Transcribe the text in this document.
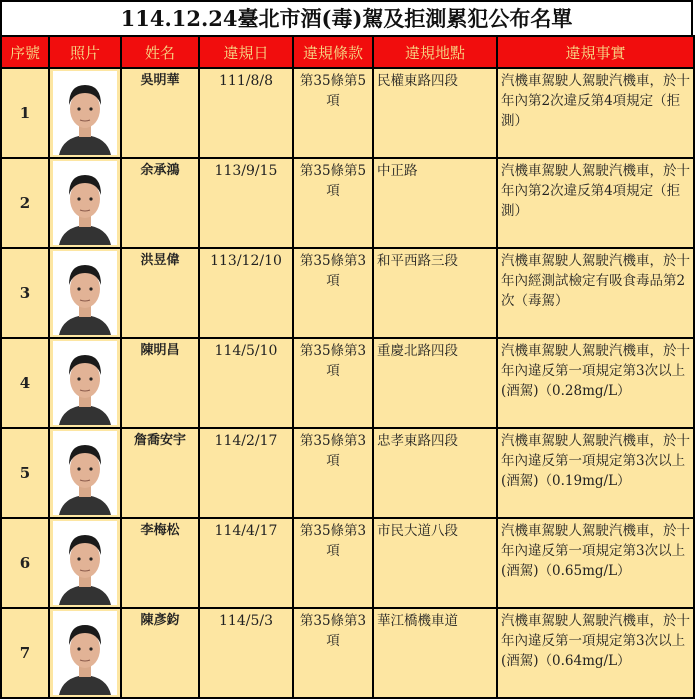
114.12.24臺北市酒(毒)駕及拒測累犯公布名單
序號	照片	姓名	違規日	違規條款	違規地點	違規事實
1		吳明華	111/8/8	第35條第5項	民權東路四段	汽機車駕駛人駕駛汽機車，於十年內第2次違反第4項規定（拒測）
2		余承鴻	113/9/15	第35條第5項	中正路	汽機車駕駛人駕駛汽機車，於十年內第2次違反第4項規定（拒測）
3		洪昱偉	113/12/10	第35條第3項	和平西路三段	汽機車駕駛人駕駛汽機車，於十年內經測試檢定有吸食毒品第2次（毒駕）
4		陳明昌	114/5/10	第35條第3項	重慶北路四段	汽機車駕駛人駕駛汽機車，於十年內違反第一項規定第3次以上(酒駕)（0.28mg/L）
5		詹喬安宇	114/2/17	第35條第3項	忠孝東路四段	汽機車駕駛人駕駛汽機車，於十年內違反第一項規定第3次以上(酒駕)（0.19mg/L）
6		李梅松	114/4/17	第35條第3項	市民大道八段	汽機車駕駛人駕駛汽機車，於十年內違反第一項規定第3次以上(酒駕)（0.65mg/L）
7		陳彥鈞	114/5/3	第35條第3項	華江橋機車道	汽機車駕駛人駕駛汽機車，於十年內違反第一項規定第3次以上(酒駕)（0.64mg/L）
